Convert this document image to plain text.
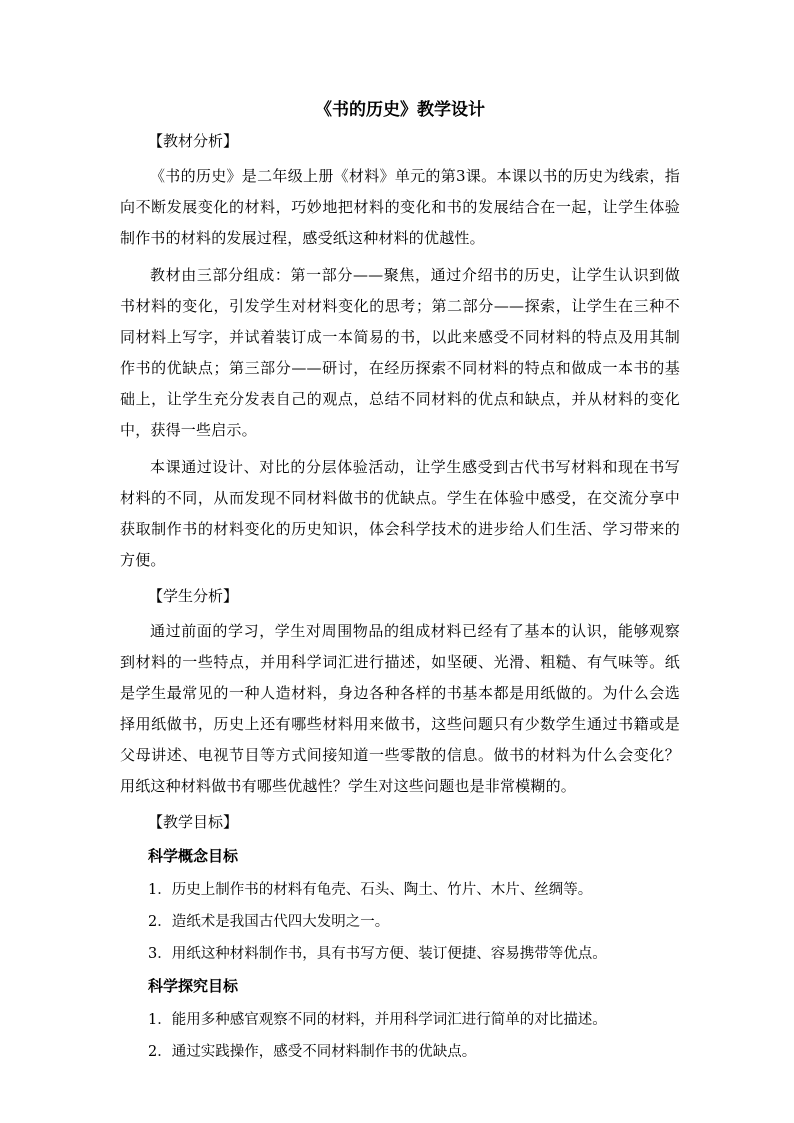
《书的历史》教学设计
【教材分析】

《书的历史》是二年级上册《材料》单元的第3课。本课以书的历史为线索，指向不断发展变化的材料，巧妙地把材料的变化和书的发展结合在一起，让学生体验制作书的材料的发展过程，感受纸这种材料的优越性。

教材由三部分组成：第一部分——聚焦，通过介绍书的历史，让学生认识到做书材料的变化，引发学生对材料变化的思考；第二部分——探索，让学生在三种不同材料上写字，并试着装订成一本简易的书，以此来感受不同材料的特点及用其制作书的优缺点；第三部分——研讨，在经历探索不同材料的特点和做成一本书的基础上，让学生充分发表自己的观点，总结不同材料的优点和缺点，并从材料的变化中，获得一些启示。

本课通过设计、对比的分层体验活动，让学生感受到古代书写材料和现在书写材料的不同，从而发现不同材料做书的优缺点。学生在体验中感受，在交流分享中获取制作书的材料变化的历史知识，体会科学技术的进步给人们生活、学习带来的方便。

【学生分析】

通过前面的学习，学生对周围物品的组成材料已经有了基本的认识，能够观察到材料的一些特点，并用科学词汇进行描述，如坚硬、光滑、粗糙、有气味等。纸是学生最常见的一种人造材料，身边各种各样的书基本都是用纸做的。为什么会选择用纸做书，历史上还有哪些材料用来做书，这些问题只有少数学生通过书籍或是父母讲述、电视节目等方式间接知道一些零散的信息。做书的材料为什么会变化？用纸这种材料做书有哪些优越性？学生对这些问题也是非常模糊的。

【教学目标】
科学概念目标
1．历史上制作书的材料有龟壳、石头、陶土、竹片、木片、丝绸等。
2．造纸术是我国古代四大发明之一。
3．用纸这种材料制作书，具有书写方便、装订便捷、容易携带等优点。
科学探究目标
1．能用多种感官观察不同的材料，并用科学词汇进行简单的对比描述。
2．通过实践操作，感受不同材料制作书的优缺点。
